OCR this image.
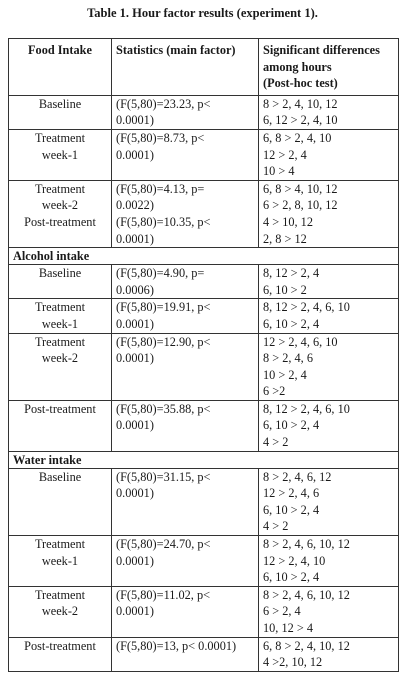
Table 1. Hour factor results (experiment 1).
Food Intake	Statistics (main factor)	Significant differences
among hours
(Post-hoc test)

Baseline	(F(5,80)=23.23, p<
0.0001)	8 > 2, 4, 10, 12
6, 12 > 2, 4, 10

Treatment
week-1	(F(5,80)=8.73, p<
0.0001)	6, 8 > 2, 4, 10
12 > 2, 4
10 > 4

Treatment
week-2
Post-treatment	(F(5,80)=4.13, p=
0.0022)
(F(5,80)=10.35, p<
0.0001)	6, 8 > 4, 10, 12
6 > 2, 8, 10, 12
4 > 10, 12
2, 8 > 12

Alcohol intake		

Baseline	(F(5,80)=4.90, p=
0.0006)	8, 12 > 2, 4
6, 10 > 2

Treatment
week-1	(F(5,80)=19.91, p<
0.0001)	8, 12 > 2, 4, 6, 10
6, 10 > 2, 4

Treatment
week-2	(F(5,80)=12.90, p<
0.0001)	12 > 2, 4, 6, 10
8 > 2, 4, 6
10 > 2, 4
6 >2

Post-treatment	(F(5,80)=35.88, p<
0.0001)	8, 12 > 2, 4, 6, 10
6, 10 > 2, 4
4 > 2

Water intake		

Baseline	(F(5,80)=31.15, p<
0.0001)	8 > 2, 4, 6, 12
12 > 2, 4, 6
6, 10 > 2, 4
4 > 2

Treatment
week-1	(F(5,80)=24.70, p<
0.0001)	8 > 2, 4, 6, 10, 12
12 > 2, 4, 10
6, 10 > 2, 4

Treatment
week-2	(F(5,80)=11.02, p<
0.0001)	8 > 2, 4, 6, 10, 12
6 > 2, 4
10, 12 > 4

Post-treatment	(F(5,80)=13, p< 0.0001)	6, 8 > 2, 4, 10, 12
4 >2, 10, 12
